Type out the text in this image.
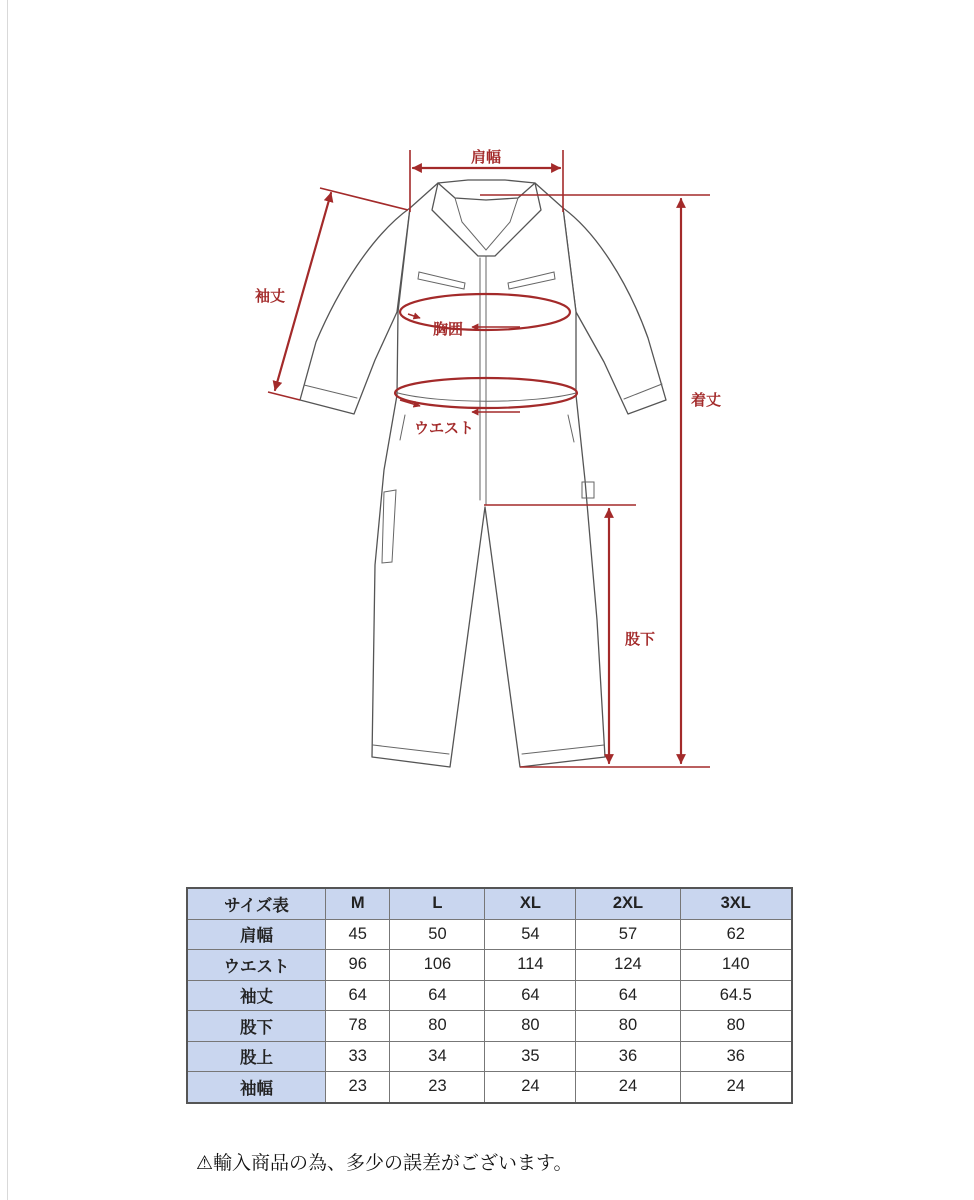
肩幅
袖丈
胸囲
ウエスト
着丈
股下
サイズ表	M	L	XL	2XL	3XL
肩幅	45	50	54	57	62
ウエスト	96	106	114	124	140
袖丈	64	64	64	64	64.5
股下	78	80	80	80	80
股上	33	34	35	36	36
袖幅	23	23	24	24	24
⚠輸入商品の為、多少の誤差がございます。
